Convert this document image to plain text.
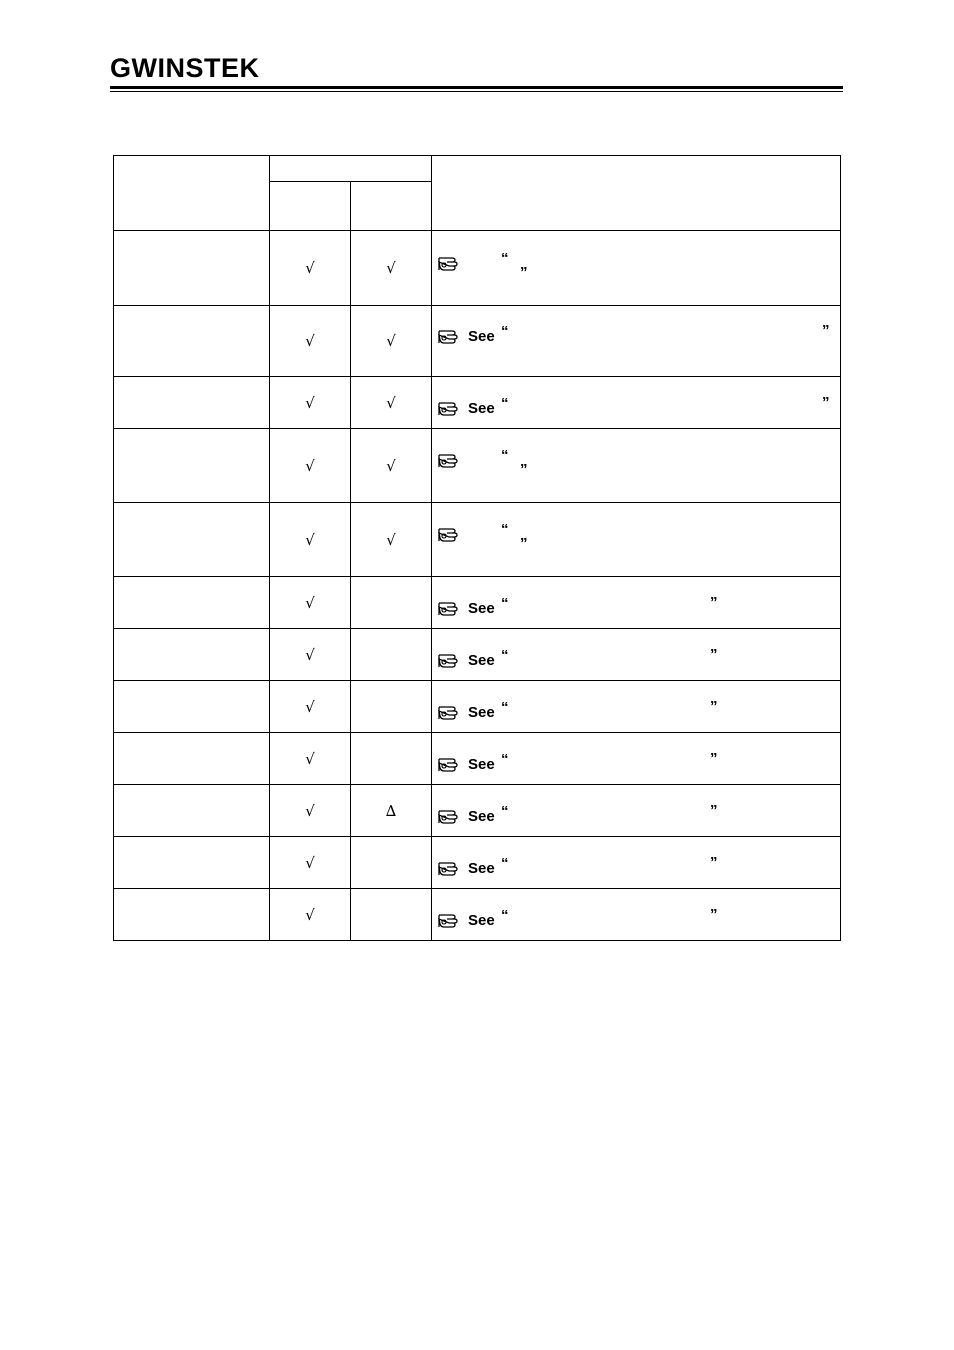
GWINSTEK

	√	√	“
”

	√	√	See “ ”

	√	√	See “ ”

	√	√	“
”

	√	√	“
”

	√		See “ ”

	√		See “ ”

	√		See “ ”

	√		See “ ”

	√	∆	See “ ”

	√		See “ ”

	√		See “ ”
